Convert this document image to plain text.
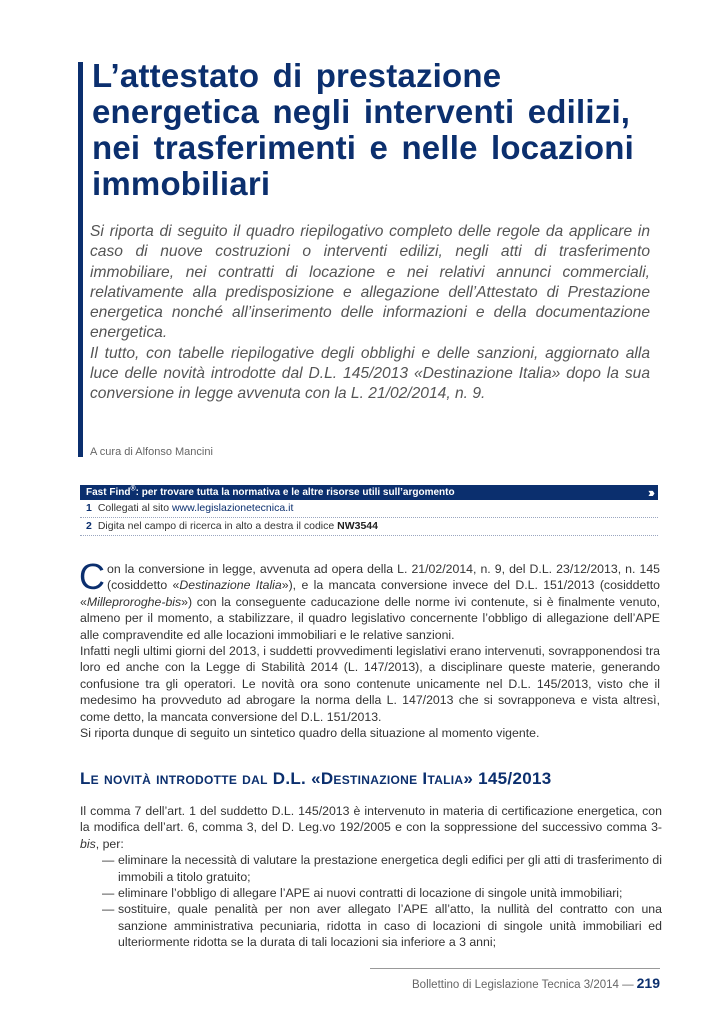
L’attestato di prestazione energetica negli interventi edilizi, nei trasferimenti e nelle locazioni immobiliari

Si riporta di seguito il quadro riepilogativo completo delle regole da applicare in caso di nuove costruzioni o interventi edilizi, negli atti di trasferimento immobiliare, nei contratti di locazione e nei relativi annunci commerciali, relativamente alla predisposizione e allegazione dell’Attestato di Prestazione energetica nonché all’inserimento delle informazioni e della documentazione energetica.

Il tutto, con tabelle riepilogative degli obblighi e delle sanzioni, aggiornato alla luce delle novità introdotte dal D.L. 145/2013 «Destinazione Italia» dopo la sua conversione in legge avvenuta con la L. 21/02/2014, n. 9.

A cura di Alfonso Mancini
Fast Find®: per trovare tutta la normativa e le altre risorse utili sull’argomento	›››
1 Collegati al sito www.legislazionetecnica.it
2 Digita nel campo di ricerca in alto a destra il codice NW3544

Con la conversione in legge, avvenuta ad opera della L. 21/02/2014, n. 9, del D.L. 23/12/2013, n. 145 (cosiddetto «Destinazione Italia»), e la mancata conversione invece del D.L. 151/2013 (cosiddetto «Milleproroghe-bis») con la conseguente caducazione delle norme ivi contenute, si è finalmente venuto, almeno per il momento, a stabilizzare, il quadro legislativo concernente l’obbligo di allegazione dell’APE alle compravendite ed alle locazioni immobiliari e le relative sanzioni.

Infatti negli ultimi giorni del 2013, i suddetti provvedimenti legislativi erano intervenuti, sovrapponendosi tra loro ed anche con la Legge di Stabilità 2014 (L. 147/2013), a disciplinare queste materie, generando confusione tra gli operatori. Le novità ora sono contenute unicamente nel D.L. 145/2013, visto che il medesimo ha provveduto ad abrogare la norma della L. 147/2013 che si sovrapponeva e vista altresì, come detto, la mancata conversione del D.L. 151/2013.

Si riporta dunque di seguito un sintetico quadro della situazione al momento vigente.

Le novità introdotte dal D.L. «Destinazione Italia» 145/2013

Il comma 7 dell’art. 1 del suddetto D.L. 145/2013 è intervenuto in materia di certificazione energetica, con la modifica dell’art. 6, comma 3, del D. Leg.vo 192/2005 e con la soppressione del successivo comma 3-bis, per:

— eliminare la necessità di valutare la prestazione energetica degli edifici per gli atti di trasferimento di immobili a titolo gratuito;
— eliminare l’obbligo di allegare l’APE ai nuovi contratti di locazione di singole unità immobiliari;
— sostituire, quale penalità per non aver allegato l’APE all’atto, la nullità del contratto con una sanzione amministrativa pecuniaria, ridotta in caso di locazioni di singole unità immobiliari ed ulteriormente ridotta se la durata di tali locazioni sia inferiore a 3 anni;
Bollettino di Legislazione Tecnica 3/2014 — 219
